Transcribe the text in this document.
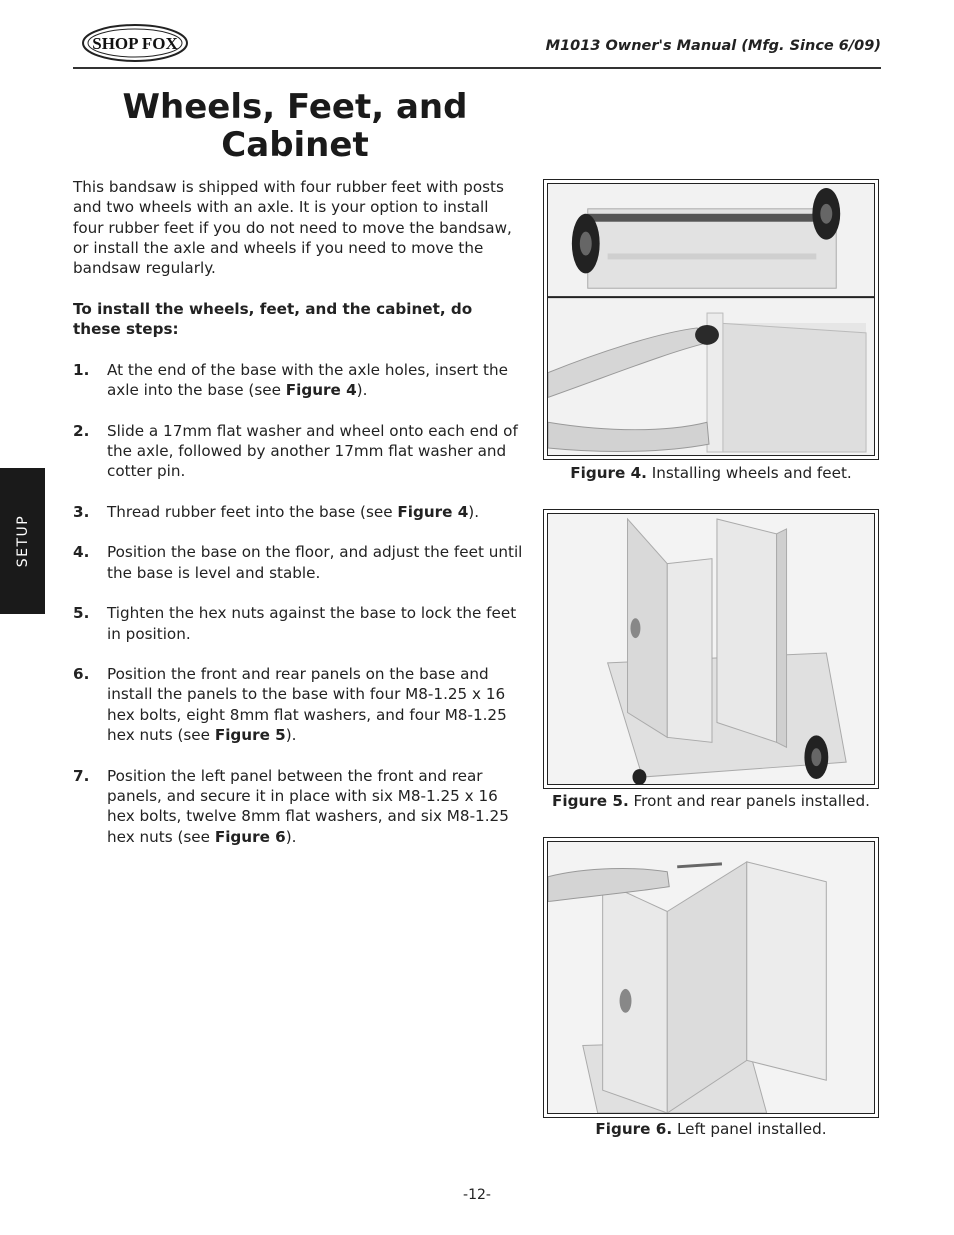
SHOP FOX	M1013 Owner's Manual (Mfg. Since 6/09)
Wheels, Feet, and
Cabinet

This bandsaw is shipped with four rubber feet with posts and two wheels with an axle. It is your option to install four rubber feet if you do not need to move the bandsaw, or install the axle and wheels if you need to move the bandsaw regularly.

To install the wheels, feet, and the cabinet, do these steps:

1. At the end of the base with the axle holes, insert the axle into the base (see Figure 4).
2. Slide a 17mm flat washer and wheel onto each end of the axle, followed by another 17mm flat washer and cotter pin.
3. Thread rubber feet into the base (see Figure 4).
4. Position the base on the floor, and adjust the feet until the base is level and stable.
5. Tighten the hex nuts against the base to lock the feet in position.
6. Position the front and rear panels on the base and install the panels to the base with four M8-1.25 x 16 hex bolts, eight 8mm flat washers, and four M8-1.25 hex nuts (see Figure 5).
7. Position the left panel between the front and rear panels, and secure it in place with six M8-1.25 x 16 hex bolts, twelve 8mm flat washers, and six M8-1.25 hex nuts (see Figure 6).
SETUP
Figure 4. Installing wheels and feet.
Figure 5. Front and rear panels installed.
Figure 6. Left panel installed.
-12-
